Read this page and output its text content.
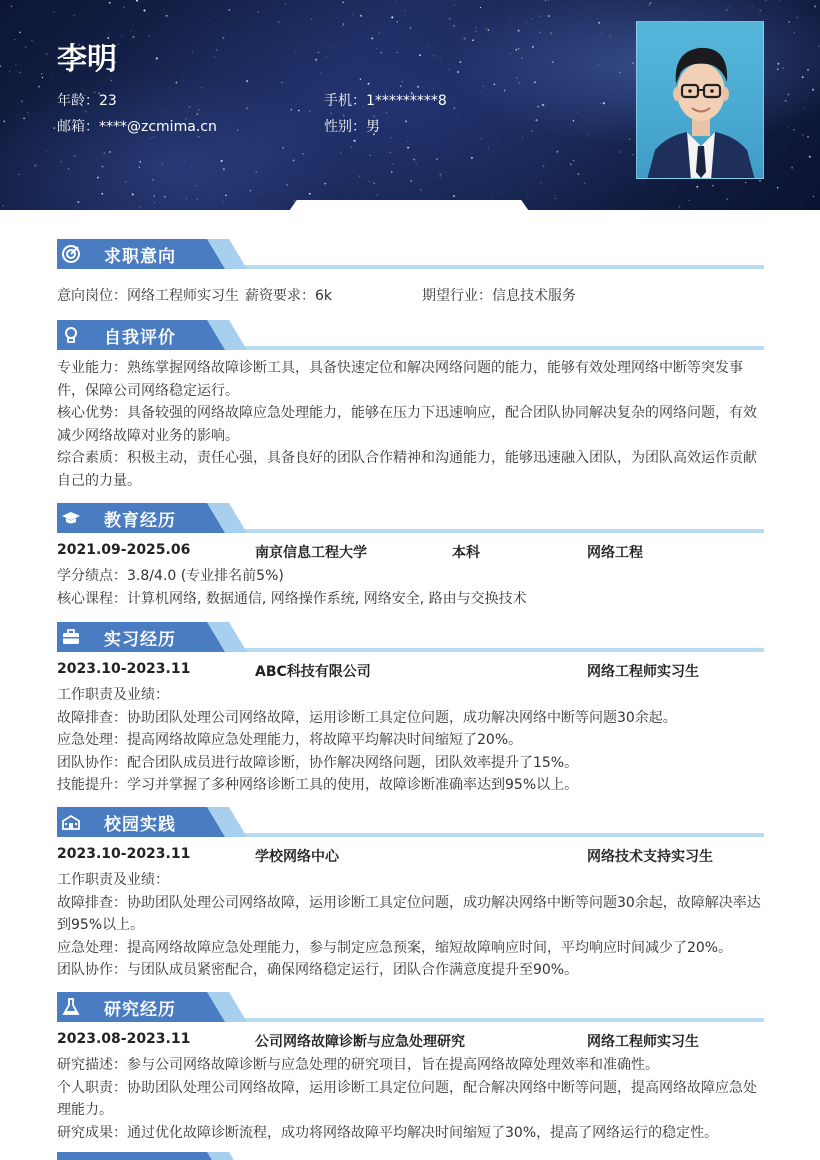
李明
年龄：23	手机：1*********8
邮箱：****@zcmima.cn	性别：男
求职意向
意向岗位：网络工程师实习生 薪资要求：6k	期望行业：信息技术服务
自我评价
专业能力：熟练掌握网络故障诊断工具，具备快速定位和解决网络问题的能力，能够有效处理网络中断等突发事
件，保障公司网络稳定运行。
核心优势：具备较强的网络故障应急处理能力，能够在压力下迅速响应，配合团队协同解决复杂的网络问题，有效
减少网络故障对业务的影响。
综合素质：积极主动，责任心强，具备良好的团队合作精神和沟通能力，能够迅速融入团队，为团队高效运作贡献
自己的力量。
教育经历
2021.09-2025.06	南京信息工程大学	本科	网络工程
学分绩点：3.8/4.0 (专业排名前5%)
核心课程：计算机网络, 数据通信, 网络操作系统, 网络安全, 路由与交换技术
实习经历
2023.10-2023.11	ABC科技有限公司	网络工程师实习生
工作职责及业绩：
故障排查：协助团队处理公司网络故障，运用诊断工具定位问题，成功解决网络中断等问题30余起。
应急处理：提高网络故障应急处理能力，将故障平均解决时间缩短了20%。
团队协作：配合团队成员进行故障诊断，协作解决网络问题，团队效率提升了15%。
技能提升：学习并掌握了多种网络诊断工具的使用，故障诊断准确率达到95%以上。
校园实践
2023.10-2023.11	学校网络中心	网络技术支持实习生
工作职责及业绩：
故障排查：协助团队处理公司网络故障，运用诊断工具定位问题，成功解决网络中断等问题30余起，故障解决率达
到95%以上。
应急处理：提高网络故障应急处理能力，参与制定应急预案，缩短故障响应时间，平均响应时间减少了20%。
团队协作：与团队成员紧密配合，确保网络稳定运行，团队合作满意度提升至90%。
研究经历
2023.08-2023.11	公司网络故障诊断与应急处理研究	网络工程师实习生
研究描述：参与公司网络故障诊断与应急处理的研究项目，旨在提高网络故障处理效率和准确性。
个人职责：协助团队处理公司网络故障，运用诊断工具定位问题，配合解决网络中断等问题，提高网络故障应急处
理能力。
研究成果：通过优化故障诊断流程，成功将网络故障平均解决时间缩短了30%，提高了网络运行的稳定性。
